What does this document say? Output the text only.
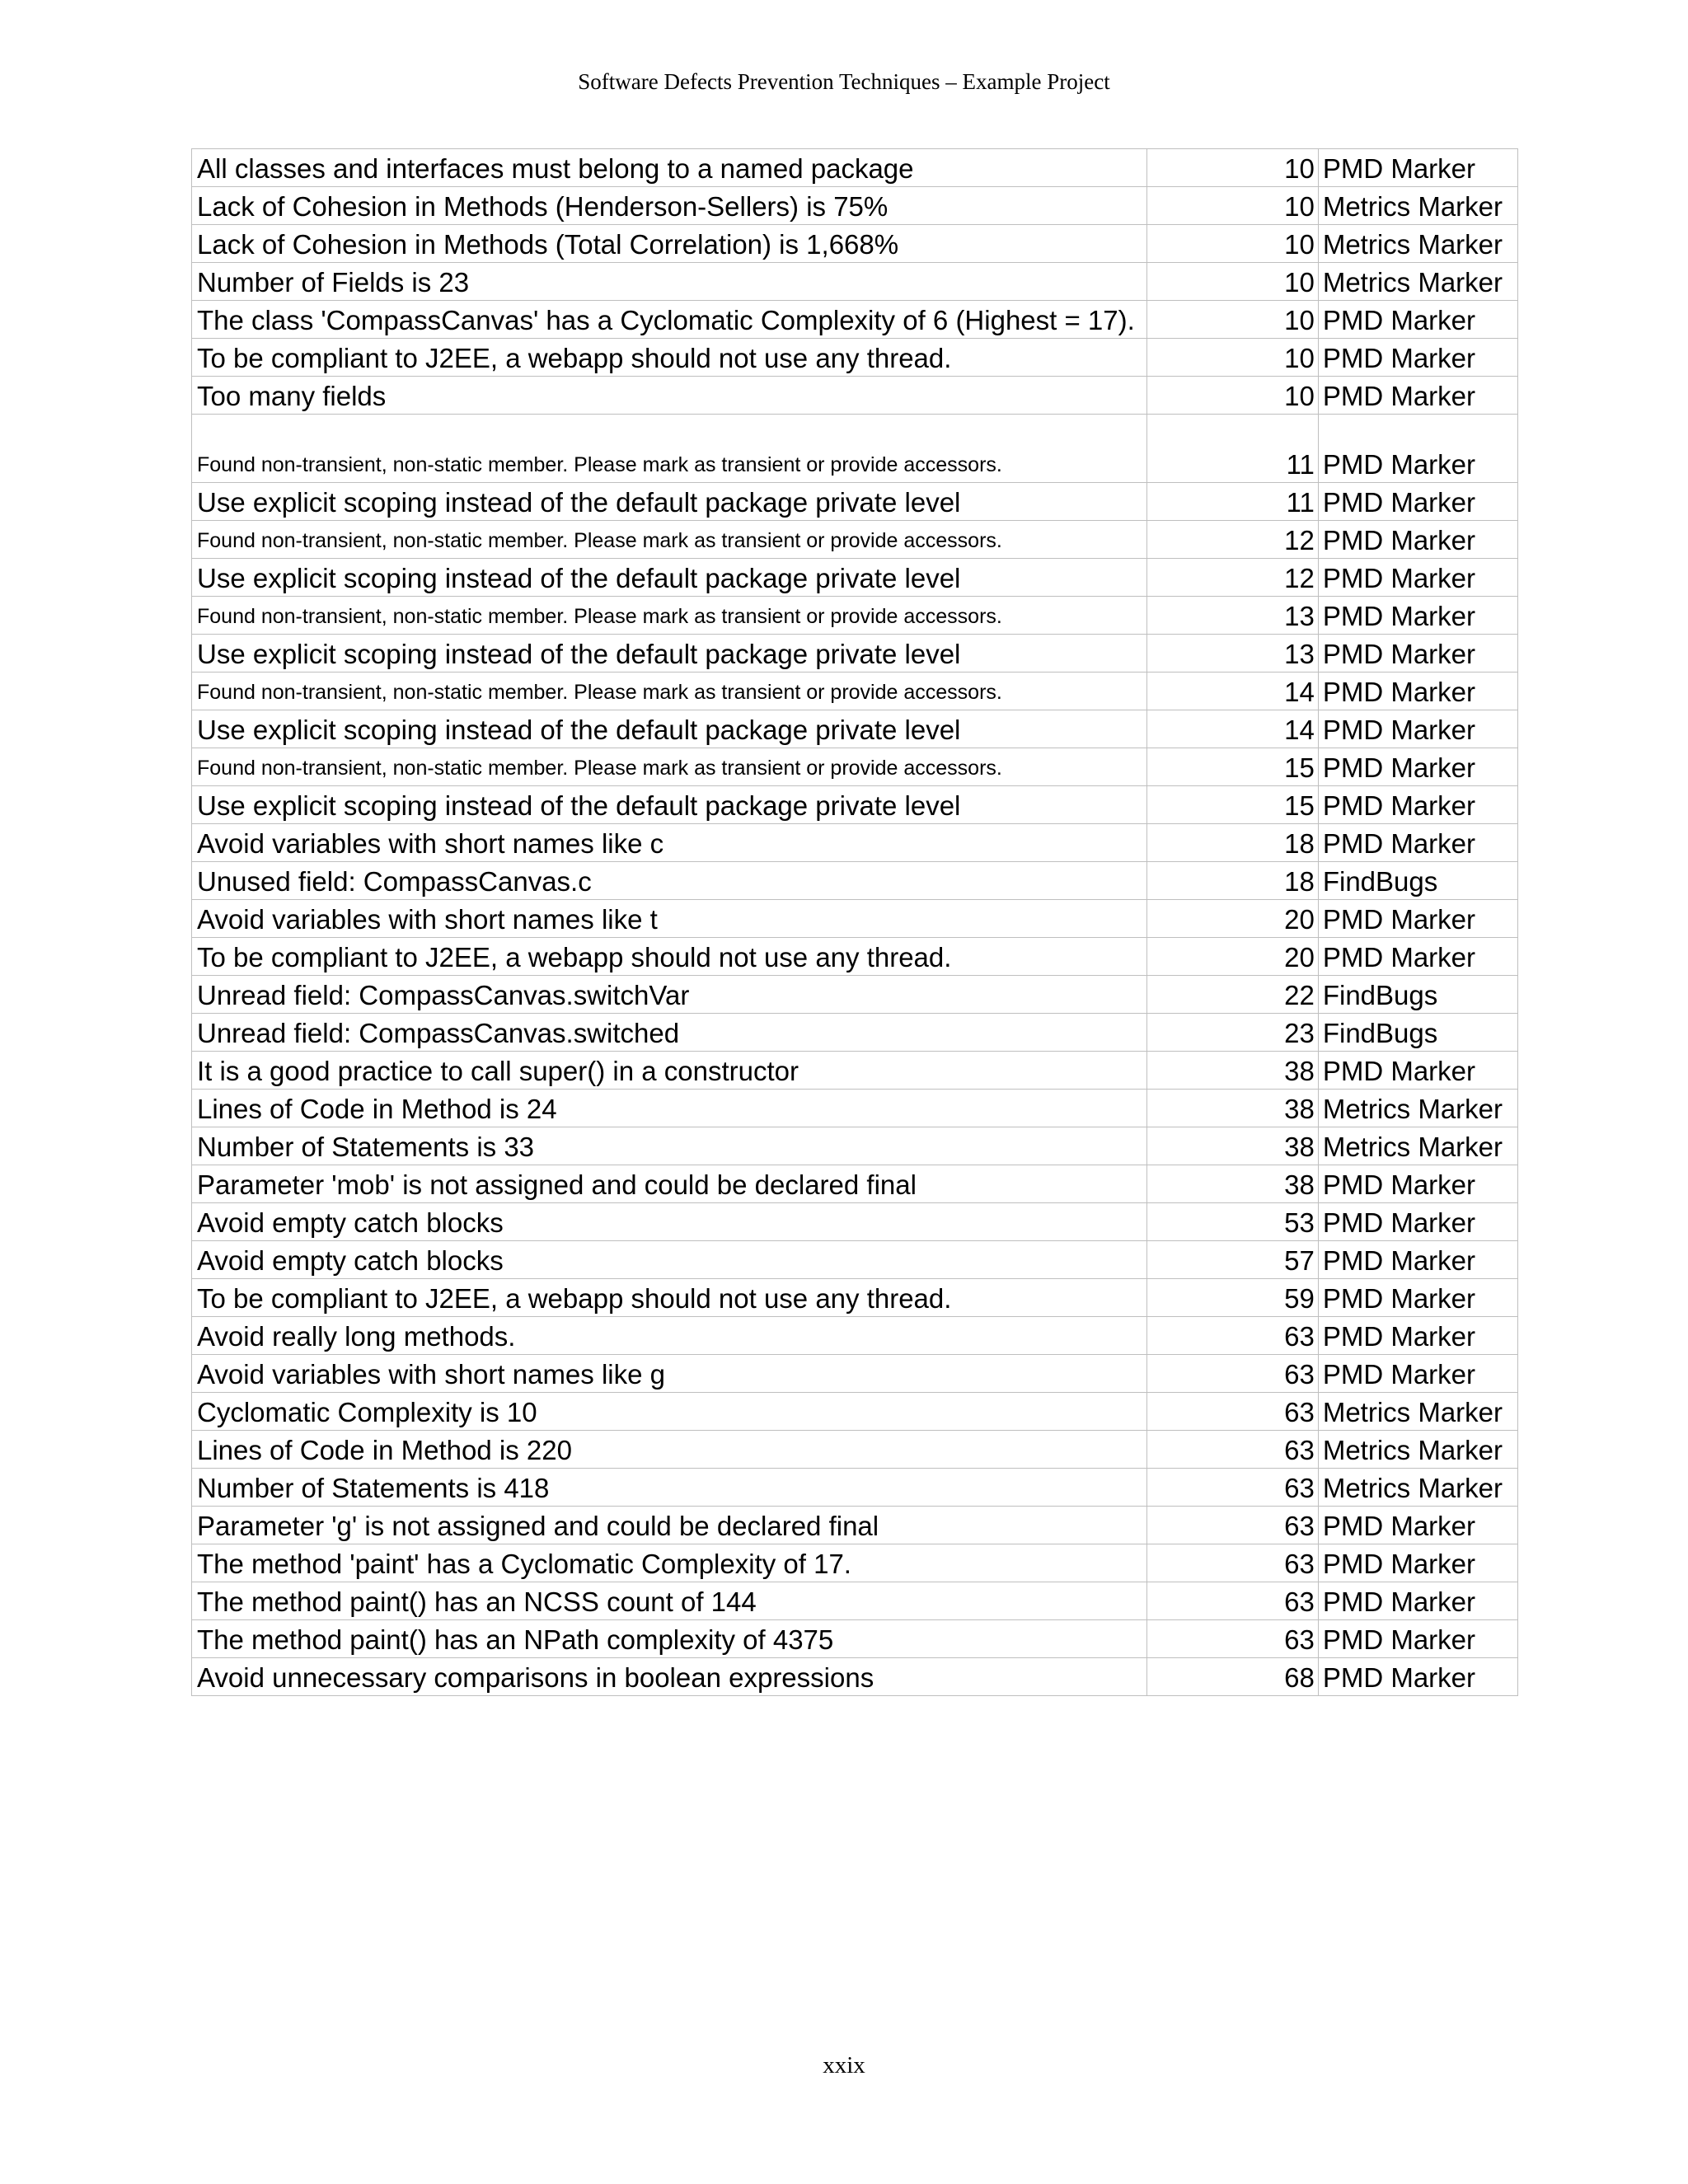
Software Defects Prevention Techniques – Example Project
All classes and interfaces must belong to a named package	10	PMD Marker
Lack of Cohesion in Methods (Henderson-Sellers) is 75%	10	Metrics Marker
Lack of Cohesion in Methods (Total Correlation) is 1,668%	10	Metrics Marker
Number of Fields is 23	10	Metrics Marker
The class 'CompassCanvas' has a Cyclomatic Complexity of 6 (Highest = 17).	10	PMD Marker
To be compliant to J2EE, a webapp should not use any thread.	10	PMD Marker
Too many fields	10	PMD Marker
Found non-transient, non-static member. Please mark as transient or provide accessors.	11	PMD Marker
Use explicit scoping instead of the default package private level	11	PMD Marker
Found non-transient, non-static member. Please mark as transient or provide accessors.	12	PMD Marker
Use explicit scoping instead of the default package private level	12	PMD Marker
Found non-transient, non-static member. Please mark as transient or provide accessors.	13	PMD Marker
Use explicit scoping instead of the default package private level	13	PMD Marker
Found non-transient, non-static member. Please mark as transient or provide accessors.	14	PMD Marker
Use explicit scoping instead of the default package private level	14	PMD Marker
Found non-transient, non-static member. Please mark as transient or provide accessors.	15	PMD Marker
Use explicit scoping instead of the default package private level	15	PMD Marker
Avoid variables with short names like c	18	PMD Marker
Unused field: CompassCanvas.c	18	FindBugs
Avoid variables with short names like t	20	PMD Marker
To be compliant to J2EE, a webapp should not use any thread.	20	PMD Marker
Unread field: CompassCanvas.switchVar	22	FindBugs
Unread field: CompassCanvas.switched	23	FindBugs
It is a good practice to call super() in a constructor	38	PMD Marker
Lines of Code in Method is 24	38	Metrics Marker
Number of Statements is 33	38	Metrics Marker
Parameter 'mob' is not assigned and could be declared final	38	PMD Marker
Avoid empty catch blocks	53	PMD Marker
Avoid empty catch blocks	57	PMD Marker
To be compliant to J2EE, a webapp should not use any thread.	59	PMD Marker
Avoid really long methods.	63	PMD Marker
Avoid variables with short names like g	63	PMD Marker
Cyclomatic Complexity is 10	63	Metrics Marker
Lines of Code in Method is 220	63	Metrics Marker
Number of Statements is 418	63	Metrics Marker
Parameter 'g' is not assigned and could be declared final	63	PMD Marker
The method 'paint' has a Cyclomatic Complexity of 17.	63	PMD Marker
The method paint() has an NCSS count of 144	63	PMD Marker
The method paint() has an NPath complexity of 4375	63	PMD Marker
Avoid unnecessary comparisons in boolean expressions	68	PMD Marker
xxix
